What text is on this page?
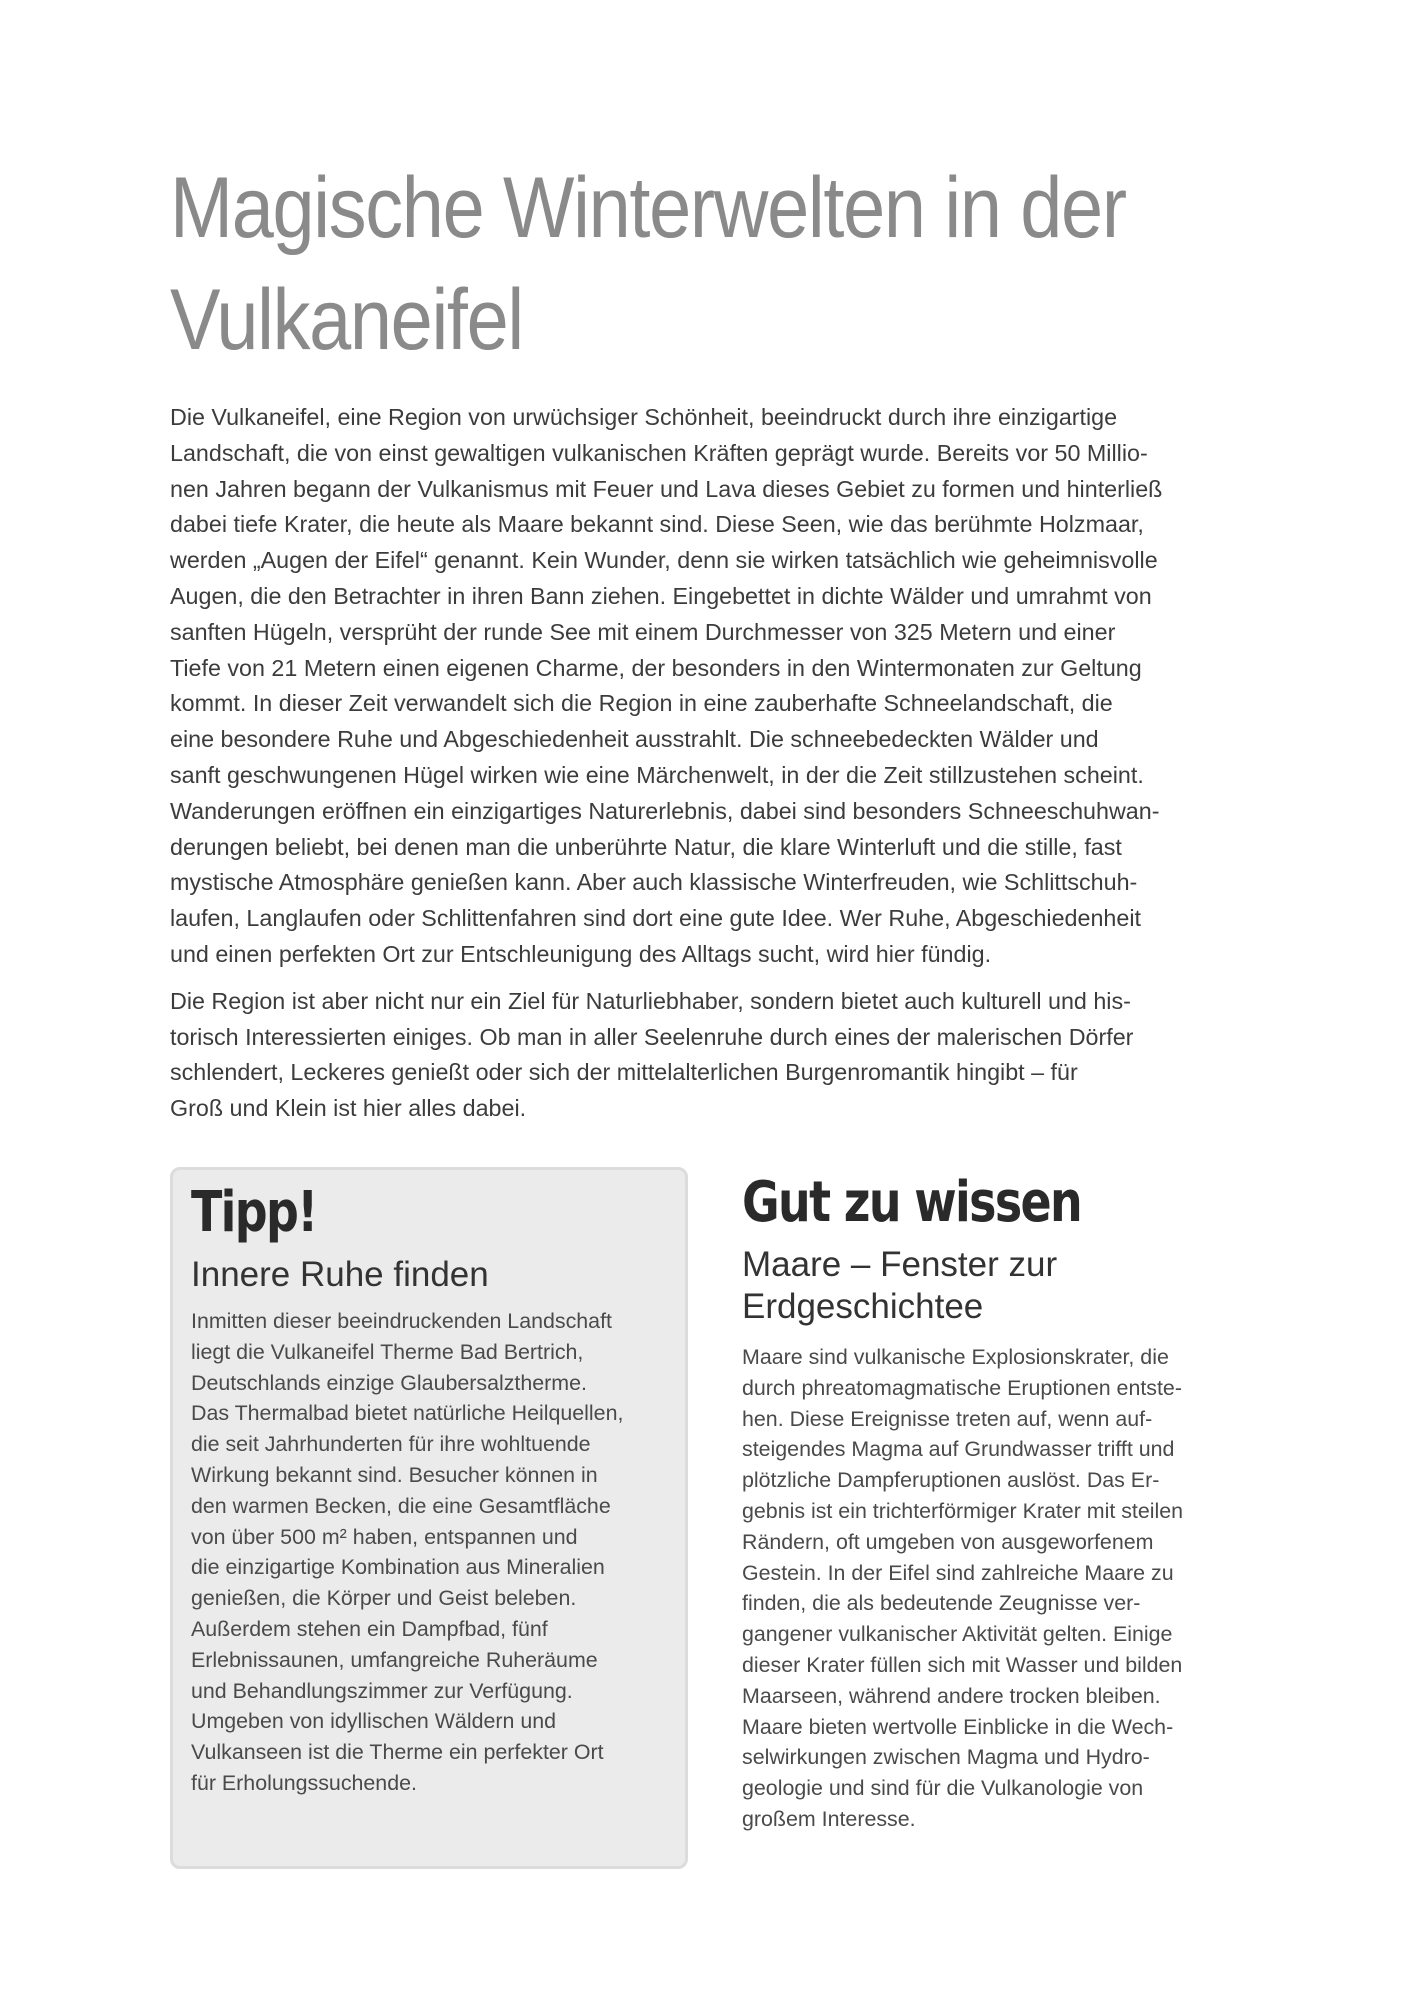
Magische Winterwelten in der
Vulkaneifel

Die Vulkaneifel, eine Region von urwüchsiger Schönheit, beeindruckt durch ihre einzigartige
Landschaft, die von einst gewaltigen vulkanischen Kräften geprägt wurde. Bereits vor 50 Millio-
nen Jahren begann der Vulkanismus mit Feuer und Lava dieses Gebiet zu formen und hinterließ
dabei tiefe Krater, die heute als Maare bekannt sind. Diese Seen, wie das berühmte Holzmaar,
werden „Augen der Eifel“ genannt. Kein Wunder, denn sie wirken tatsächlich wie geheimnisvolle
Augen, die den Betrachter in ihren Bann ziehen. Eingebettet in dichte Wälder und umrahmt von
sanften Hügeln, versprüht der runde See mit einem Durchmesser von 325 Metern und einer
Tiefe von 21 Metern einen eigenen Charme, der besonders in den Wintermonaten zur Geltung
kommt. In dieser Zeit verwandelt sich die Region in eine zauberhafte Schneelandschaft, die
eine besondere Ruhe und Abgeschiedenheit ausstrahlt. Die schneebedeckten Wälder und
sanft geschwungenen Hügel wirken wie eine Märchenwelt, in der die Zeit stillzustehen scheint.
Wanderungen eröffnen ein einzigartiges Naturerlebnis, dabei sind besonders Schneeschuhwan-
derungen beliebt, bei denen man die unberührte Natur, die klare Winterluft und die stille, fast
mystische Atmosphäre genießen kann. Aber auch klassische Winterfreuden, wie Schlittschuh-
laufen, Langlaufen oder Schlittenfahren sind dort eine gute Idee. Wer Ruhe, Abgeschiedenheit
und einen perfekten Ort zur Entschleunigung des Alltags sucht, wird hier fündig.

Die Region ist aber nicht nur ein Ziel für Naturliebhaber, sondern bietet auch kulturell und his-
torisch Interessierten einiges. Ob man in aller Seelenruhe durch eines der malerischen Dörfer
schlendert, Leckeres genießt oder sich der mittelalterlichen Burgenromantik hingibt – für
Groß und Klein ist hier alles dabei.

Tipp!
Innere Ruhe finden

Inmitten dieser beeindruckenden Landschaft
liegt die Vulkaneifel Therme Bad Bertrich,
Deutschlands einzige Glaubersalztherme.
Das Thermalbad bietet natürliche Heilquellen,
die seit Jahrhunderten für ihre wohltuende
Wirkung bekannt sind. Besucher können in
den warmen Becken, die eine Gesamtfläche
von über 500 m² haben, entspannen und
die einzigartige Kombination aus Mineralien
genießen, die Körper und Geist beleben.
Außerdem stehen ein Dampfbad, fünf
Erlebnissaunen, umfangreiche Ruheräume
und Behandlungszimmer zur Verfügung.
Umgeben von idyllischen Wäldern und
Vulkanseen ist die Therme ein perfekter Ort
für Erholungssuchende.

Gut zu wissen
Maare – Fenster zur
Erdgeschichtee

Maare sind vulkanische Explosionskrater, die
durch phreatomagmatische Eruptionen entste-
hen. Diese Ereignisse treten auf, wenn auf-
steigendes Magma auf Grundwasser trifft und
plötzliche Dampferuptionen auslöst. Das Er-
gebnis ist ein trichterförmiger Krater mit steilen
Rändern, oft umgeben von ausgeworfenem
Gestein. In der Eifel sind zahlreiche Maare zu
finden, die als bedeutende Zeugnisse ver-
gangener vulkanischer Aktivität gelten. Einige
dieser Krater füllen sich mit Wasser und bilden
Maarseen, während andere trocken bleiben.
Maare bieten wertvolle Einblicke in die Wech-
selwirkungen zwischen Magma und Hydro-
geologie und sind für die Vulkanologie von
großem Interesse.
